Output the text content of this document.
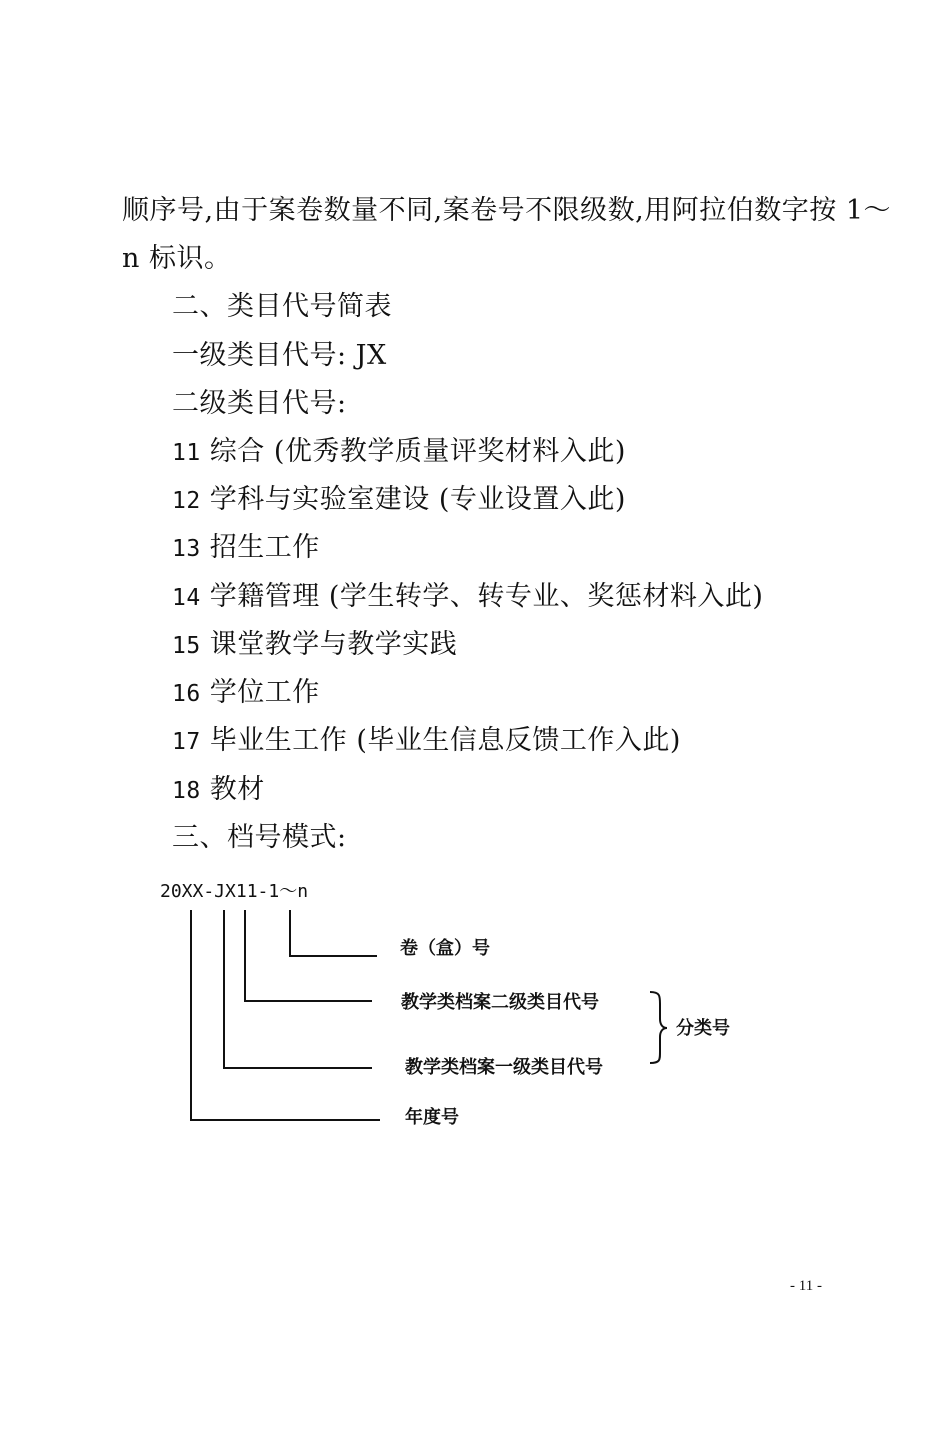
顺序号,由于案卷数量不同,案卷号不限级数,用阿拉伯数字按 1～
n 标识。
二、类目代号简表
一级类目代号: JX
二级类目代号:
11 综合 (优秀教学质量评奖材料入此)
12 学科与实验室建设 (专业设置入此)
13 招生工作
14 学籍管理 (学生转学、转专业、奖惩材料入此)
15 课堂教学与教学实践
16 学位工作
17 毕业生工作 (毕业生信息反馈工作入此)
18 教材
三、档号模式:
20XX-JX11-1～n
卷（盒）号
教学类档案二级类目代号
教学类档案一级类目代号
年度号
分类号
- 11 -
